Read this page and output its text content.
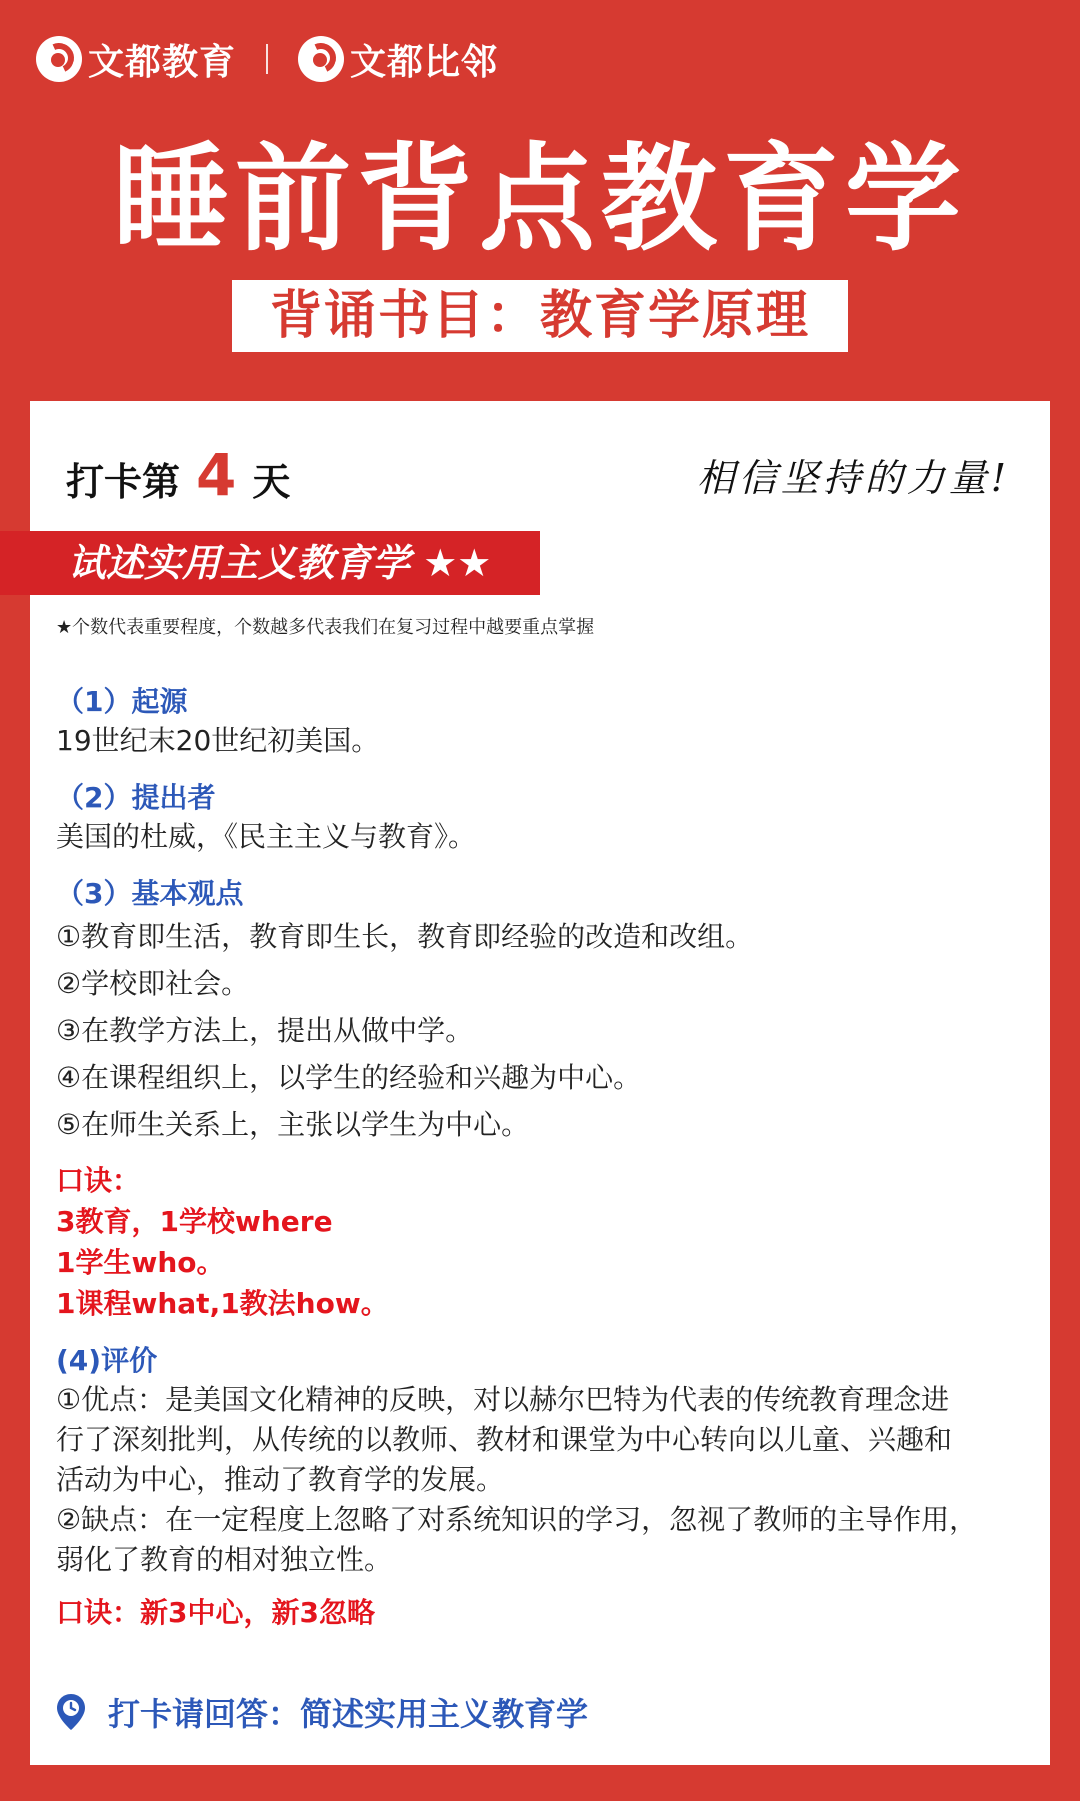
文都教育	文都比邻
睡前背点教育学
背诵书目：教育学原理
打卡第 4 天	相信坚持的力量!
试述实用主义教育学 ★★
★个数代表重要程度，个数越多代表我们在复习过程中越要重点掌握

（1）起源

19世纪末20世纪初美国。

（2）提出者

美国的杜威，《民主主义与教育》。

（3）基本观点

①教育即生活，教育即生长，教育即经验的改造和改组。

②学校即社会。

③在教学方法上，提出从做中学。

④在课程组织上，以学生的经验和兴趣为中心。

⑤在师生关系上，主张以学生为中心。

口诀：

3教育，1学校where

1学生who。

1课程what,1教法how。

(4)评价

①优点：是美国文化精神的反映，对以赫尔巴特为代表的传统教育理念进

行了深刻批判，从传统的以教师、教材和课堂为中心转向以儿童、兴趣和

活动为中心，推动了教育学的发展。

②缺点：在一定程度上忽略了对系统知识的学习，忽视了教师的主导作用，

弱化了教育的相对独立性。

口诀：新3中心，新3忽略

打卡请回答：简述实用主义教育学
